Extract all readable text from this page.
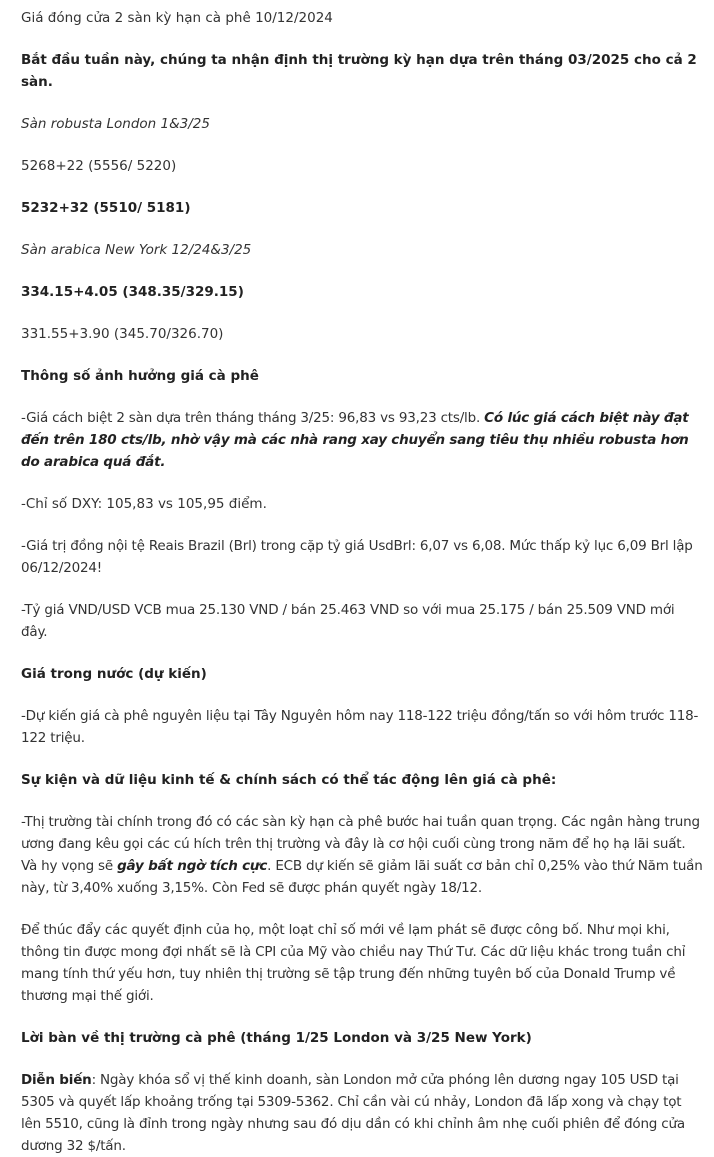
Giá đóng cửa 2 sàn kỳ hạn cà phê 10/12/2024

Bắt đầu tuần này, chúng ta nhận định thị trường kỳ hạn dựa trên tháng 03/2025 cho cả 2 sàn.

Sàn robusta London 1&3/25

5268+22 (5556/ 5220)

5232+32 (5510/ 5181)

Sàn arabica New York 12/24&3/25

334.15+4.05 (348.35/329.15)

331.55+3.90 (345.70/326.70)

Thông số ảnh hưởng giá cà phê

-Giá cách biệt 2 sàn dựa trên tháng tháng 3/25: 96,83 vs 93,23 cts/lb. Có lúc giá cách biệt này đạt đến trên 180 cts/lb, nhờ vậy mà các nhà rang xay chuyển sang tiêu thụ nhiều robusta hơn do arabica quá đắt.

-Chỉ số DXY: 105,83 vs 105,95 điểm.

-Giá trị đồng nội tệ Reais Brazil (Brl) trong cặp tỷ giá UsdBrl: 6,07 vs 6,08. Mức thấp kỷ lục 6,09 Brl lập 06/12/2024!

-Tỷ giá VND/USD VCB mua 25.130 VND / bán 25.463 VND so với mua 25.175 / bán 25.509 VND mới đây.

Giá trong nước (dự kiến)

-Dự kiến giá cà phê nguyên liệu tại Tây Nguyên hôm nay 118-122 triệu đồng/tấn so với hôm trước 118-122 triệu.

Sự kiện và dữ liệu kinh tế & chính sách có thể tác động lên giá cà phê:

-Thị trường tài chính trong đó có các sàn kỳ hạn cà phê bước hai tuần quan trọng. Các ngân hàng trung ương đang kêu gọi các cú hích trên thị trường và đây là cơ hội cuối cùng trong năm để họ hạ lãi suất. Và hy vọng sẽ gây bất ngờ tích cực. ECB dự kiến sẽ giảm lãi suất cơ bản chỉ 0,25% vào thứ Năm tuần này, từ 3,40% xuống 3,15%. Còn Fed sẽ được phán quyết ngày 18/12.

Để thúc đẩy các quyết định của họ, một loạt chỉ số mới về lạm phát sẽ được công bố. Như mọi khi, thông tin được mong đợi nhất sẽ là CPI của Mỹ vào chiều nay Thứ Tư. Các dữ liệu khác trong tuần chỉ mang tính thứ yếu hơn, tuy nhiên thị trường sẽ tập trung đến những tuyên bố của Donald Trump về thương mại thế giới.

Lời bàn về thị trường cà phê (tháng 1/25 London và 3/25 New York)

Diễn biến: Ngày khóa sổ vị thế kinh doanh, sàn London mở cửa phóng lên dương ngay 105 USD tại 5305 và quyết lấp khoảng trống tại 5309-5362. Chỉ cần vài cú nhảy, London đã lấp xong và chạy tọt lên 5510, cũng là đỉnh trong ngày nhưng sau đó dịu dần có khi chỉnh âm nhẹ cuối phiên để đóng cửa dương 32 $/tấn.
